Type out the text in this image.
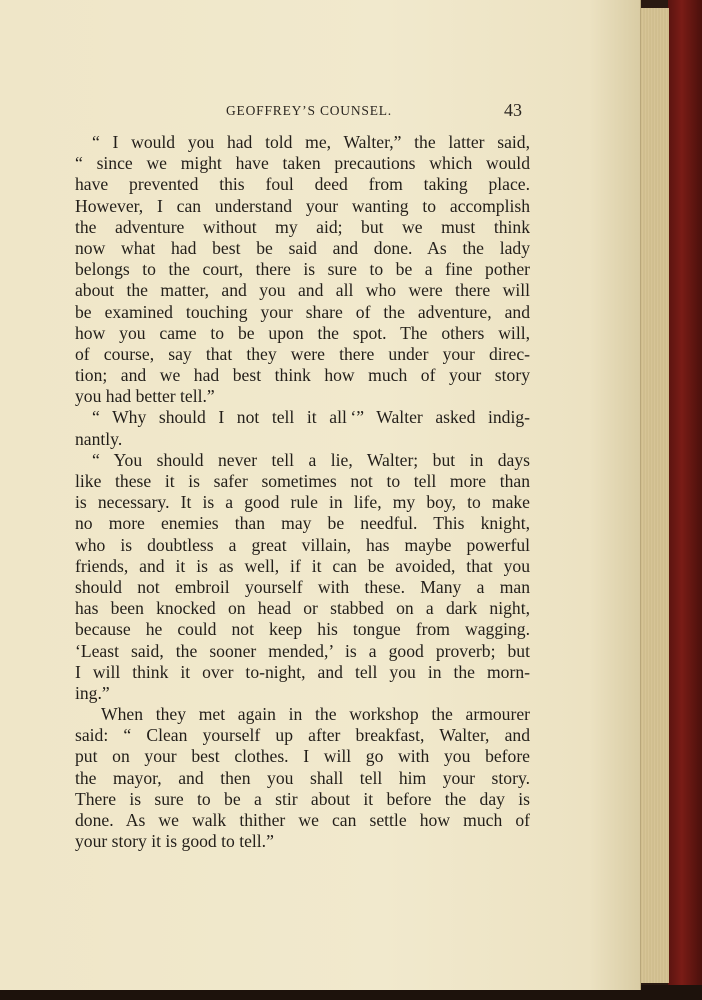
GEOFFREY’S COUNSEL.	43
“ I would you had told me, Walter,” the latter said,
“ since we might have taken precautions which would
have prevented this foul deed from taking place.
However, I can understand your wanting to accomplish
the adventure without my aid; but we must think
now what had best be said and done. As the lady
belongs to the court, there is sure to be a fine pother
about the matter, and you and all who were there will
be examined touching your share of the adventure, and
how you came to be upon the spot. The others will,
of course, say that they were there under your direc-
tion; and we had best think how much of your story
you had better tell.”
“ Why should I not tell it all ‘” Walter asked indig-
nantly.
“ You should never tell a lie, Walter; but in days
like these it is safer sometimes not to tell more than
is necessary. It is a good rule in life, my boy, to make
no more enemies than may be needful. This knight,
who is doubtless a great villain, has maybe powerful
friends, and it is as well, if it can be avoided, that you
should not embroil yourself with these. Many a man
has been knocked on head or stabbed on a dark night,
because he could not keep his tongue from wagging.
‘Least said, the sooner mended,’ is a good proverb; but
I will think it over to-night, and tell you in the morn-
ing.”
When they met again in the workshop the armourer
said: “ Clean yourself up after breakfast, Walter, and
put on your best clothes. I will go with you before
the mayor, and then you shall tell him your story.
There is sure to be a stir about it before the day is
done. As we walk thither we can settle how much of
your story it is good to tell.”
